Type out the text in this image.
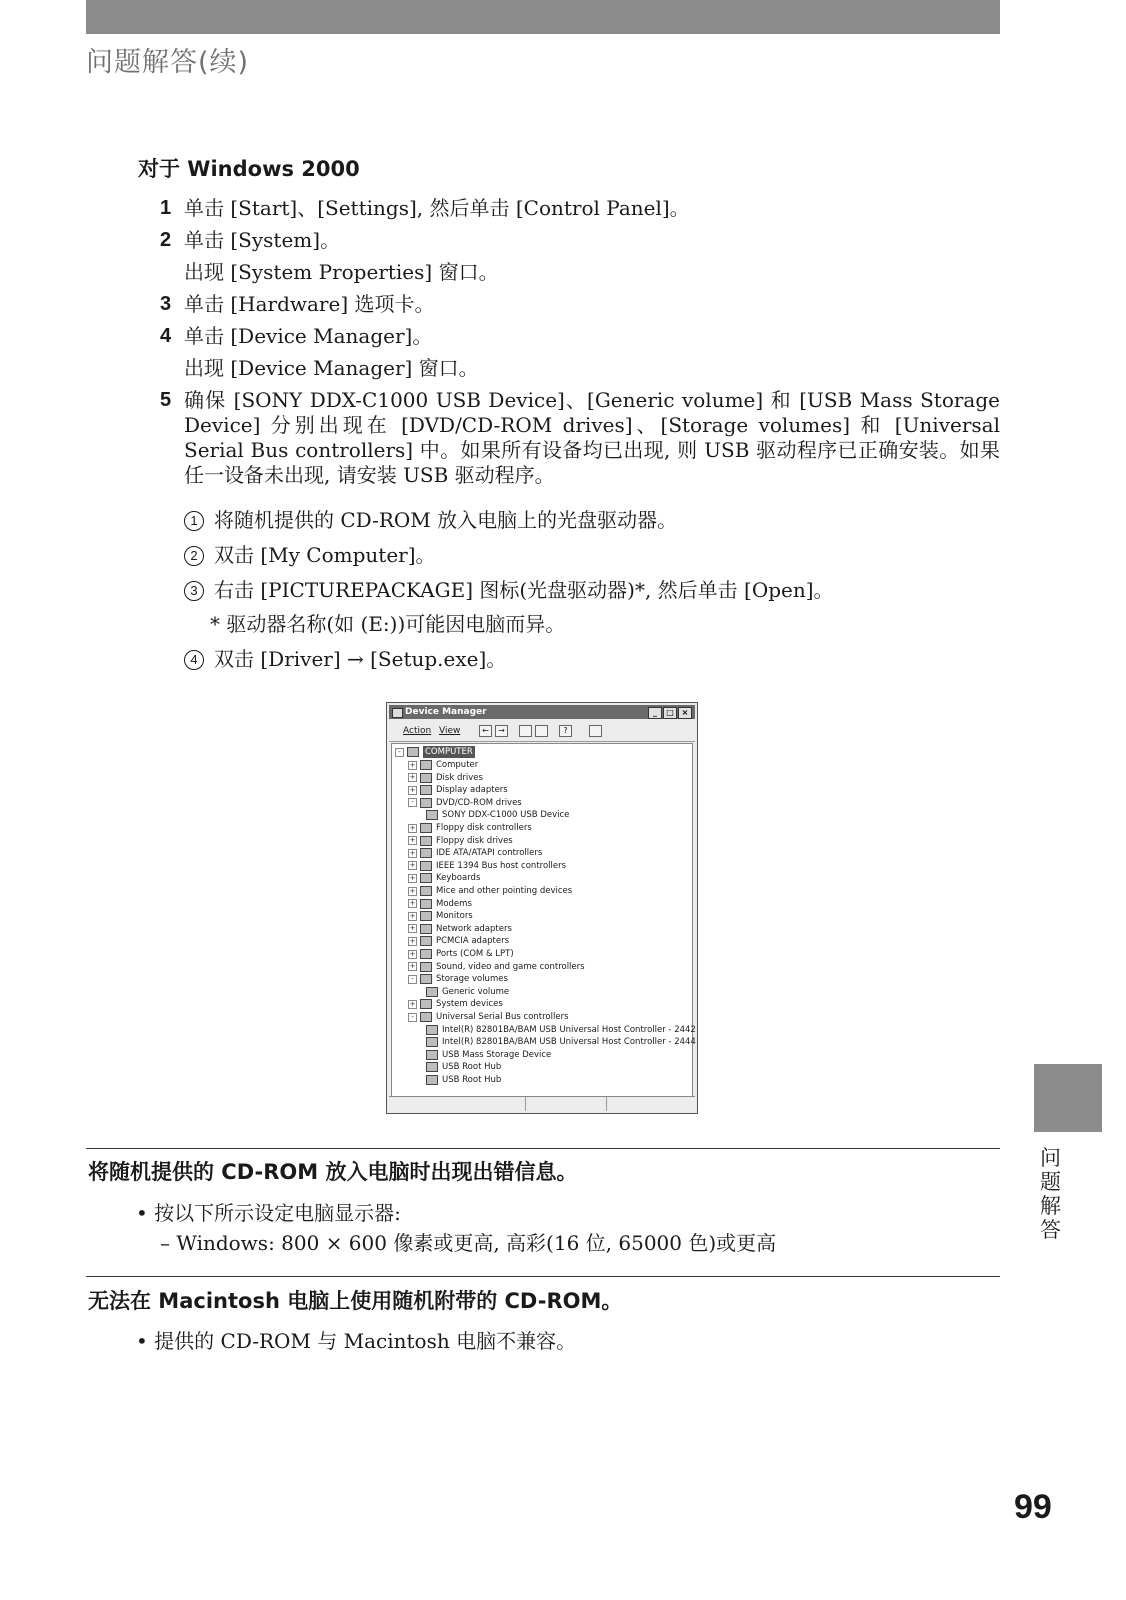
问题解答(续)
对于 Windows 2000
1 单击 [Start]、[Settings], 然后单击 [Control Panel]。
2 单击 [System]。
出现 [System Properties] 窗口。
3 单击 [Hardware] 选项卡。
4 单击 [Device Manager]。
出现 [Device Manager] 窗口。
5 确保 [SONY DDX-C1000 USB Device]、[Generic volume] 和 [USB Mass Storage Device] 分别出现在 [DVD/CD-ROM drives]、[Storage volumes] 和 [Universal Serial Bus controllers] 中。如果所有设备均已出现, 则 USB 驱动程序已正确安装。如果任一设备未出现, 请安装 USB 驱动程序。
1 将随机提供的 CD-ROM 放入电脑上的光盘驱动器。
2 双击 [My Computer]。
3 右击 [PICTUREPACKAGE] 图标(光盘驱动器)*, 然后单击 [Open]。
* 驱动器名称(如 (E:))可能因电脑而异。
4 双击 [Driver] → [Setup.exe]。
Device Manager	_	□ ×
Action View	←	→	?
-	COMPUTER
+ Computer
+ Disk drives
+ Display adapters
-	DVD/CD-ROM drives
SONY DDX-C1000 USB Device
+ Floppy disk controllers
+ Floppy disk drives
+ IDE ATA/ATAPI controllers
+ IEEE 1394 Bus host controllers
+ Keyboards
+ Mice and other pointing devices
+ Modems
+ Monitors
+ Network adapters
+ PCMCIA adapters
+ Ports (COM & LPT)
+ Sound, video and game controllers
-	Storage volumes
Generic volume
+ System devices
-	Universal Serial Bus controllers
Intel(R) 82801BA/BAM USB Universal Host Controller - 2442
Intel(R) 82801BA/BAM USB Universal Host Controller - 2444
USB Mass Storage Device
USB Root Hub
USB Root Hub
将随机提供的 CD-ROM 放入电脑时出现出错信息。
• 按以下所示设定电脑显示器:
– Windows: 800 × 600 像素或更高, 高彩(16 位, 65000 色)或更高
无法在 Macintosh 电脑上使用随机附带的 CD-ROM。
• 提供的 CD-ROM 与 Macintosh 电脑不兼容。
问题解答
99
